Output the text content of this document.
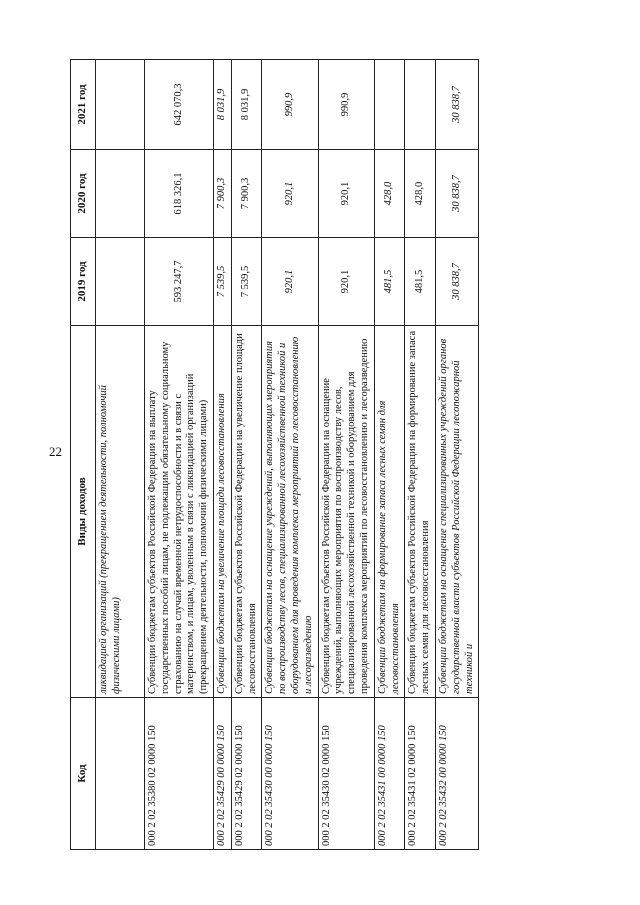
22
Код	Виды доходов	2019 год	2020 год	2021 год
	ликвидацией организаций (прекращением деятельности, полномочий физическими лицами)			
000 2 02 35380 02 0000 150	Субвенции бюджетам субъектов Российской Федерации на выплату государственных пособий лицам, не подлежащим обязательному социальному страхованию на случай временной нетрудоспособности и в связи с материнством, и лицам, уволенным в связи с ликвидацией организаций (прекращением деятельности, полномочий физическими лицами)	593 247,7	618 326,1	642 070,3
000 2 02 35429 00 0000 150	Субвенции бюджетам на увеличение площади лесовосстановления	7 539,5	7 900,3	8 031,9
000 2 02 35429 02 0000 150	Субвенции бюджетам субъектов Российской Федерации на увеличение площади лесовосстановления	7 539,5	7 900,3	8 031,9
000 2 02 35430 00 0000 150	Субвенции бюджетам на оснащение учреждений, выполняющих мероприятия по воспроизводству лесов, специализированной лесохозяйственной техникой и оборудованием для проведения комплекса мероприятий по лесовосстановлению и лесоразведению	920,1	920,1	990,9
000 2 02 35430 02 0000 150	Субвенции бюджетам субъектов Российской Федерации на оснащение учреждений, выполняющих мероприятия по воспроизводству лесов, специализированной лесохозяйственной техникой и оборудованием для проведения комплекса мероприятий по лесовосстановлению и лесоразведению	920,1	920,1	990,9
000 2 02 35431 00 0000 150	Субвенции бюджетам на формирование запаса лесных семян для лесовосстановления	481,5	428,0	
000 2 02 35431 02 0000 150	Субвенции бюджетам субъектов Российской Федерации на формирование запаса лесных семян для лесовосстановления	481,5	428,0	
000 2 02 35432 00 0000 150	Субвенции бюджетам на оснащение специализированных учреждений органов государственной власти субъектов Российской Федерации лесопожарной техникой и	30 838,7	30 838,7	30 838,7
